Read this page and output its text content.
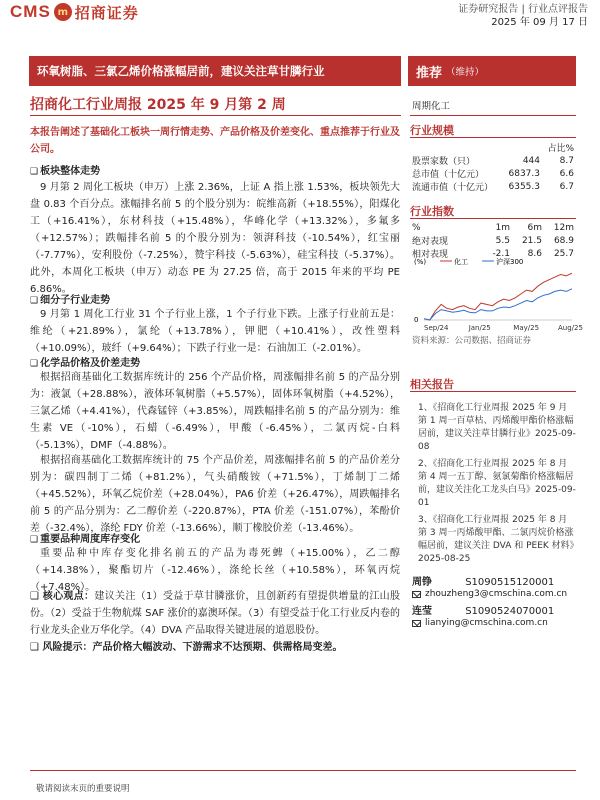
CMS m 招商证券	证券研究报告 | 行业点评报告
2025 年 09 月 17 日
环氧树脂、三氯乙烯价格涨幅居前，建议关注草甘膦行业	推荐 （维持）
招商化工行业周报 2025 年 9 月第 2 周	周期化工
本报告阐述了基础化工板块一周行情走势、产品价格及价差变化、重点推荐于行业及公司。
❑ 板块整体走势
9 月第 2 周化工板块（申万）上涨 2.36%，上证 A 指上涨 1.53%，板块领先大盘 0.83 个百分点。涨幅排名前 5 的个股分别为：皖维高新（+18.55%），阳煤化工（+16.41%），东材科技（+15.48%），华峰化学（+13.32%），多氟多（+12.57%）；跌幅排名前 5 的个股分别为：领湃科技（-10.54%），红宝丽（-7.77%），安利股份（-7.25%），赞宇科技（-5.63%），硅宝科技（-5.37%）。此外，本周化工板块（申万）动态 PE 为 27.25 倍，高于 2015 年来的平均 PE 6.86%。
❑ 细分子行业走势
9 月第 1 周化工行业 31 个子行业上涨，1 个子行业下跌。上涨子行业前五是：维纶（+21.89%），氯纶（+13.78%），钾肥（+10.41%），改性塑料（+10.09%），玻纤（+9.64%）；下跌子行业一是：石油加工（-2.01%）。
❑ 化学品价格及价差走势
根据招商基础化工数据库统计的 256 个产品价格，周涨幅排名前 5 的产品分别为：液氯（+28.88%），液体环氧树脂（+5.57%），固体环氧树脂（+4.52%），三氯乙烯（+4.41%），代森锰锌（+3.85%），周跌幅排名前 5 的产品分别为：维生素 VE（-10%），石蜡（-6.49%），甲酸（-6.45%），二氯丙烷-白料（-5.13%），DMF（-4.88%）。
根据招商基础化工数据库统计的 75 个产品价差，周涨幅排名前 5 的产品价差分别为：碳四制丁二烯（+81.2%），气头硝酸铵（+71.5%），丁烯制丁二烯（+45.52%），环氧乙烷价差（+28.04%），PA6 价差（+26.47%），周跌幅排名前 5 的产品分别为：乙二醇价差（-220.87%），PTA 价差（-151.07%），苯酚价差（-32.4%），涤纶 FDY 价差（-13.66%），顺丁橡胶价差（-13.46%）。
❑ 重要品种周度库存变化
重要品种中库存变化排名前五的产品为毒死蜱（+15.00%），乙二醇（+14.38%），聚酯切片（-12.46%），涤纶长丝（+10.58%），环氧丙烷（+7.48%）。
❑ 核心观点：建议关注（1）受益于草甘膦涨价，且创新药有望提供增量的江山股份。（2）受益于生物航煤 SAF 涨价的嘉澳环保。（3）有望受益于化工行业反内卷的行业龙头企业万华化学。（4）DVA 产品取得关键进展的道恩股份。
❑ 风险提示：产品价格大幅波动、下游需求不达预期、供需格局变差。
行业规模
占比%
股票家数（只）	444	8.7
总市值（十亿元）	6837.3	6.6
流通市值（十亿元）	6355.3	6.7
行业指数
%	1m	6m	12m
绝对表现	5.5	21.5	68.9
相对表现	-2.1	8.6	25.7
0
(%)	化工	沪深300
Sep/24	Jan/25	May/25	Aug/25
资料来源：公司数据、招商证券
相关报告
1、《招商化工行业周报 2025 年 9 月第 1 周一百草枯、丙烯酸甲酯价格涨幅居前，建议关注草甘膦行业》2025-09-08
2、《招商化工行业周报 2025 年 8 月第 4 周一五丁醇、氨氯菊酯价格涨幅居前，建议关注化工龙头白马》2025-09-01
3、《招商化工行业周报 2025 年 8 月第 3 周一丙烯酸甲酯、二氯丙烷价格涨幅居前，建议关注 DVA 和 PEEK 材料》2025-08-25
周铮	S1090515120001
zhouzheng3@cmschina.com.cn
连莹	S1090524070001
lianying@cmschina.com.cn
敬请阅读末页的重要说明
